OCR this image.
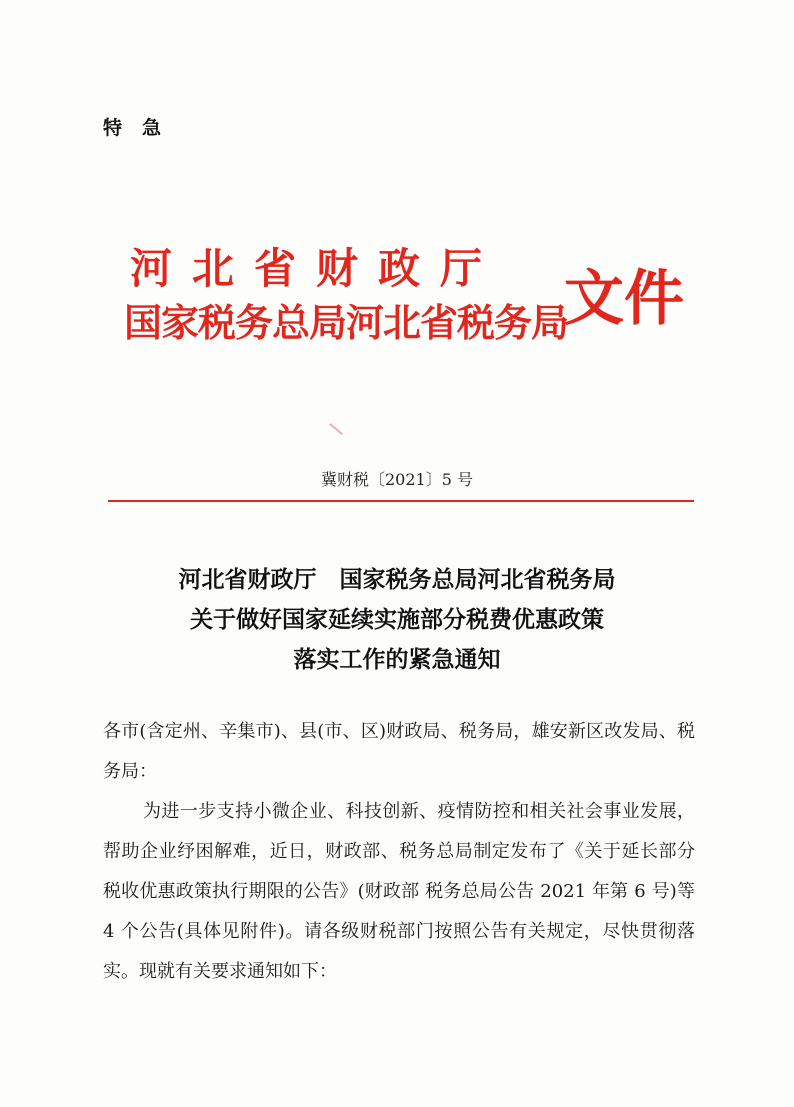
特急
河北省财政厅
国家税务总局河北省税务局
文件
冀财税〔2021〕5 号
河北省财政厅　国家税务总局河北省税务局
关于做好国家延续实施部分税费优惠政策
落实工作的紧急通知

各市(含定州、辛集市)、县(市、区)财政局、税务局，雄安新区改发局、税务局：

为进一步支持小微企业、科技创新、疫情防控和相关社会事业发展，帮助企业纾困解难，近日，财政部、税务总局制定发布了《关于延长部分税收优惠政策执行期限的公告》(财政部 税务总局公告 2021 年第 6 号)等 4 个公告(具体见附件)。请各级财税部门按照公告有关规定，尽快贯彻落实。现就有关要求通知如下：
